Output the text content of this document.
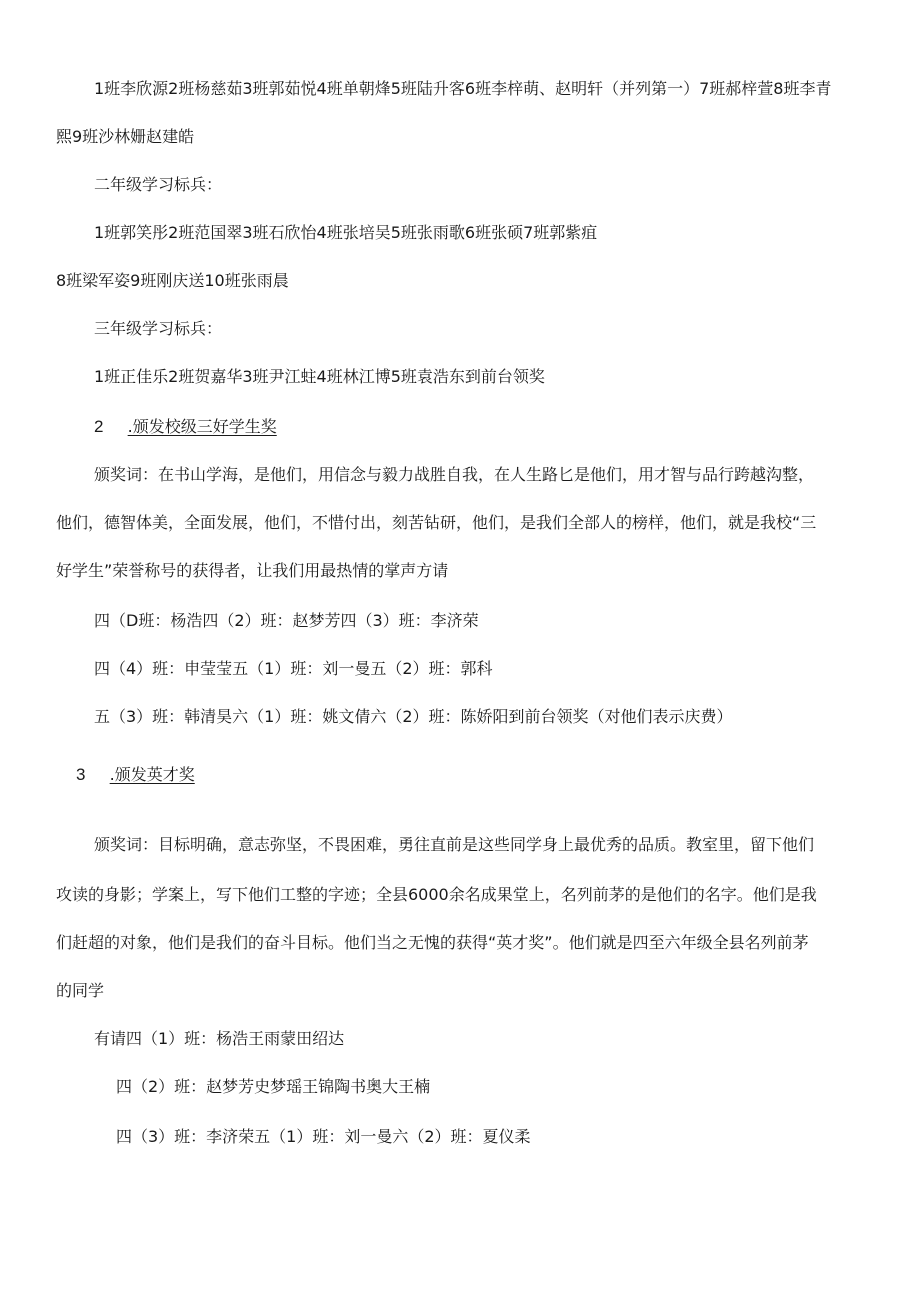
1班李欣源2班杨慈茹3班郭茹悦4班单朝烽5班陆升客6班李梓萌、赵明轩（并列第一）7班郝梓萱8班李青
熙9班沙林姗赵建皓
二年级学习标兵：
1班郭笑彤2班范国翠3班石欣怡4班张培吴5班张雨歌6班张硕7班郭紫疽
8班梁军姿9班刚庆送10班张雨晨
三年级学习标兵：
1班正佳乐2班贺嘉华3班尹江蛀4班林江博5班袁浩东到前台领奖
2 .颁发校级三好学生奖
颁奖词：在书山学海，是他们，用信念与毅力战胜自我，在人生路匕是他们，用才智与品行跨越沟整，
他们，德智体美，全面发展，他们，不惜付出，刻苦钻研，他们，是我们全部人的榜样，他们，就是我校“三
好学生”荣誉称号的获得者，让我们用最热情的掌声方请
四（D班：杨浩四（2）班：赵梦芳四（3）班：李济荣
四（4）班：申莹莹五（1）班：刘一曼五（2）班：郭科
五（3）班：韩清昊六（1）班：姚文倩六（2）班：陈娇阳到前台领奖（对他们表示庆费）
3 .颁发英才奖
颁奖词：目标明确，意志弥坚，不畏困难，勇往直前是这些同学身上最优秀的品质。教室里，留下他们
攻读的身影；学案上，写下他们工整的字迹；全县6000余名成果堂上，名列前茅的是他们的名字。他们是我
们赶超的对象，他们是我们的奋斗目标。他们当之无愧的获得“英才奖”。他们就是四至六年级全县名列前茅
的同学
有请四（1）班：杨浩王雨蒙田绍达
四（2）班：赵梦芳史梦瑶王锦陶书奥大王楠
四（3）班：李济荣五（1）班：刘一曼六（2）班：夏仪柔
